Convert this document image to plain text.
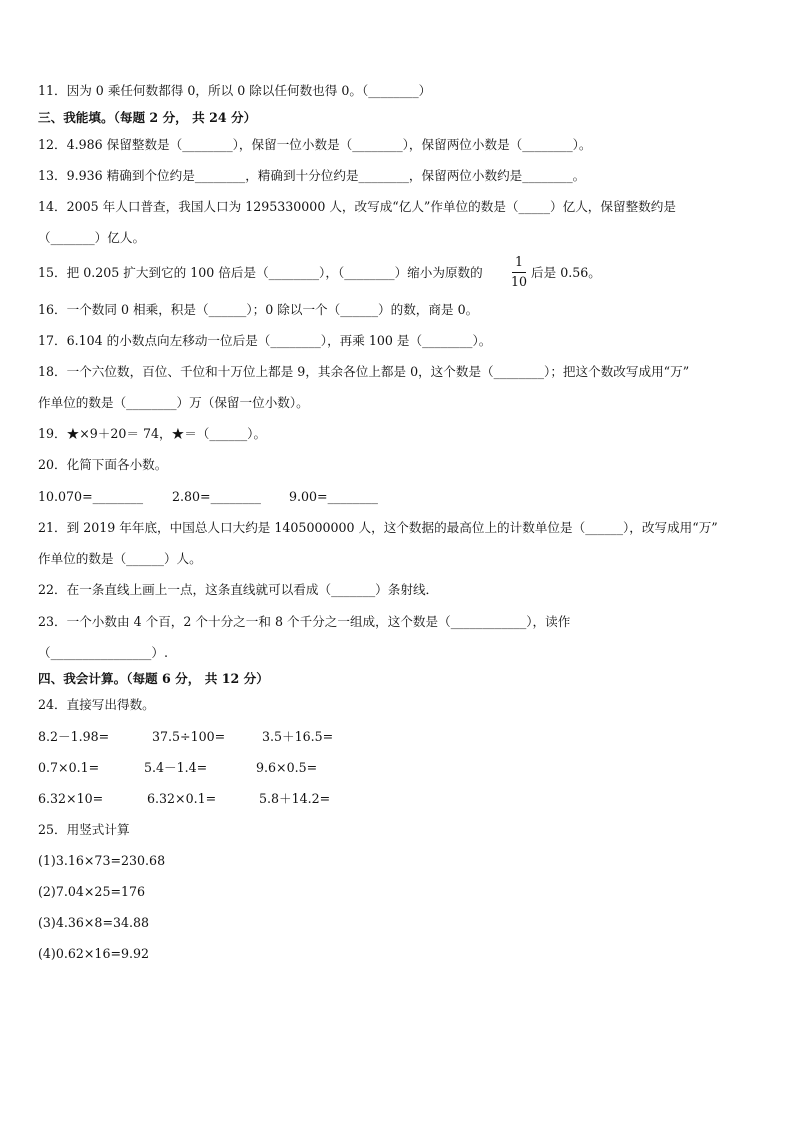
11．因为 0 乘任何数都得 0，所以 0 除以任何数也得 0。（________）
三、我能填。（每题 2 分， 共 24 分）
12．4.986 保留整数是（________），保留一位小数是（________），保留两位小数是（________）。
13．9.936 精确到个位约是________，精确到十分位约是________，保留两位小数约是________。
14．2005 年人口普查，我国人口为 1295330000 人，改写成“亿人”作单位的数是（_____）亿人，保留整数约是
（_______）亿人。
15．把 0.205 扩大到它的 100 倍后是（________），（________）缩小为原数的
1
10
后是 0.56。
16．一个数同 0 相乘，积是（______）；0 除以一个（______）的数，商是 0。
17．6.104 的小数点向左移动一位后是（________），再乘 100 是（________）。
18．一个六位数，百位、千位和十万位上都是 9，其余各位上都是 0，这个数是（________）；把这个数改写成用“万”
作单位的数是（________）万（保留一位小数）。
19．★×9＋20＝ 74，★＝（______）。
20．化简下面各小数。
10.070=________ 2.80=________ 9.00=________
21．到 2019 年年底，中国总人口大约是 1405000000 人，这个数据的最高位上的计数单位是（______），改写成用“万”
作单位的数是（______）人。
22．在一条直线上画上一点，这条直线就可以看成（_______）条射线．
23．一个小数由 4 个百，2 个十分之一和 8 个千分之一组成，这个数是（____________），读作
（________________）.
四、我会计算。（每题 6 分， 共 12 分）
24．直接写出得数。
8.2－1.98=	37.5÷100=	3.5＋16.5=
0.7×0.1=	5.4－1.4=	9.6×0.5=
6.32×10=	6.32×0.1=	5.8＋14.2=
25．用竖式计算
(1)3.16×73=230.68
(2)7.04×25=176
(3)4.36×8=34.88
(4)0.62×16=9.92
